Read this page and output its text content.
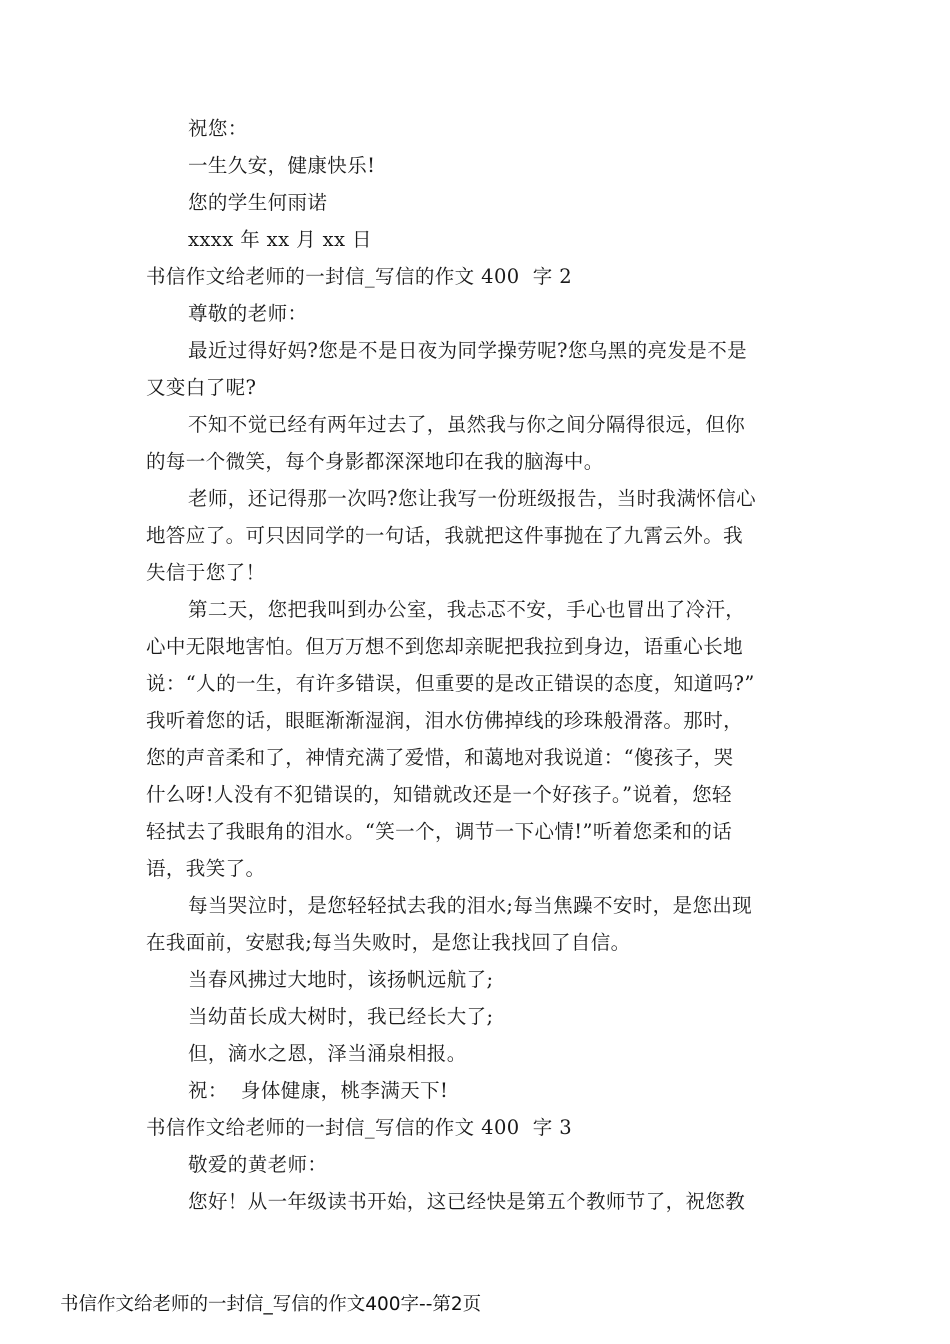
祝您：
一生久安，健康快乐!
您的学生何雨诺
xxxx 年 xx 月 xx 日
书信作文给老师的一封信_写信的作文 400  字 2
尊敬的老师：
最近过得好妈?您是不是日夜为同学操劳呢?您乌黑的亮发是不是
又变白了呢?
不知不觉已经有两年过去了，虽然我与你之间分隔得很远，但你
的每一个微笑，每个身影都深深地印在我的脑海中。
老师，还记得那一次吗?您让我写一份班级报告，当时我满怀信心
地答应了。可只因同学的一句话，我就把这件事抛在了九霄云外。我
失信于您了！
第二天，您把我叫到办公室，我忐忑不安，手心也冒出了冷汗，
心中无限地害怕。但万万想不到您却亲昵把我拉到身边，语重心长地
说：“人的一生，有许多错误，但重要的是改正错误的态度，知道吗?”
我听着您的话，眼眶渐渐湿润，泪水仿佛掉线的珍珠般滑落。那时，
您的声音柔和了，神情充满了爱惜，和蔼地对我说道：“傻孩子，哭
什么呀!人没有不犯错误的，知错就改还是一个好孩子。”说着，您轻
轻拭去了我眼角的泪水。“笑一个，调节一下心情!”听着您柔和的话
语，我笑了。
每当哭泣时，是您轻轻拭去我的泪水;每当焦躁不安时，是您出现
在我面前，安慰我;每当失败时，是您让我找回了自信。
当春风拂过大地时，该扬帆远航了;
当幼苗长成大树时，我已经长大了;
但，滴水之恩，泽当涌泉相报。
祝：  身体健康，桃李满天下!
书信作文给老师的一封信_写信的作文 400  字 3
敬爱的黄老师：
您好！从一年级读书开始，这已经快是第五个教师节了，祝您教
书信作文给老师的一封信_写信的作文400字--第2页
